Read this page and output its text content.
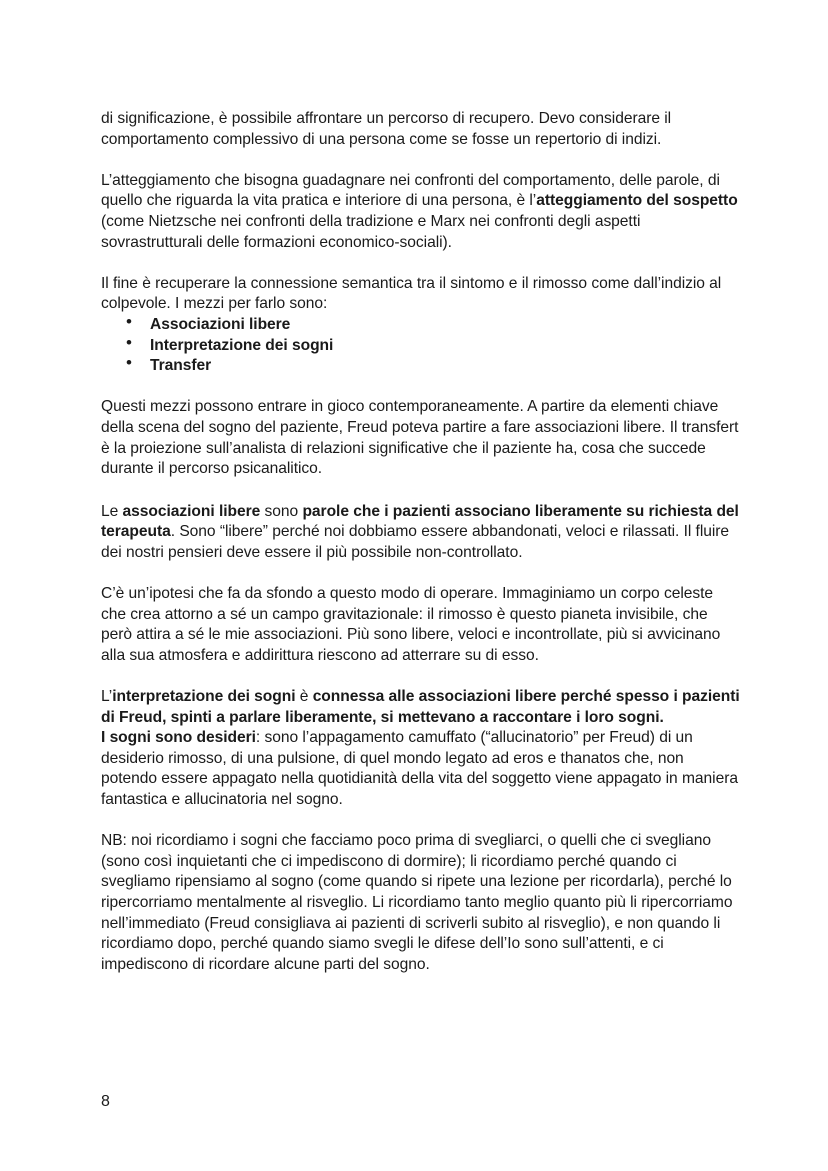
di significazione, è possibile affrontare un percorso di recupero. Devo considerare il comportamento complessivo di una persona come se fosse un repertorio di indizi.

L’atteggiamento che bisogna guadagnare nei confronti del comportamento, delle parole, di quello che riguarda la vita pratica e interiore di una persona, è l’atteggiamento del sospetto (come Nietzsche nei confronti della tradizione e Marx nei confronti degli aspetti sovrastrutturali delle formazioni economico-sociali).

Il fine è recuperare la connessione semantica tra il sintomo e il rimosso come dall’indizio al colpevole. I mezzi per farlo sono:

• Associazioni libere
• Interpretazione dei sogni
• Transfer

Questi mezzi possono entrare in gioco contemporaneamente. A partire da elementi chiave della scena del sogno del paziente, Freud poteva partire a fare associazioni libere. Il transfert è la proiezione sull’analista di relazioni significative che il paziente ha, cosa che succede durante il percorso psicanalitico.

Le associazioni libere sono parole che i pazienti associano liberamente su richiesta del terapeuta. Sono “libere” perché noi dobbiamo essere abbandonati, veloci e rilassati. Il fluire dei nostri pensieri deve essere il più possibile non-controllato.

C’è un’ipotesi che fa da sfondo a questo modo di operare. Immaginiamo un corpo celeste che crea attorno a sé un campo gravitazionale: il rimosso è questo pianeta invisibile, che però attira a sé le mie associazioni. Più sono libere, veloci e incontrollate, più si avvicinano alla sua atmosfera e addirittura riescono ad atterrare su di esso.

L’interpretazione dei sogni è connessa alle associazioni libere perché spesso i pazienti di Freud, spinti a parlare liberamente, si mettevano a raccontare i loro sogni.

I sogni sono desideri: sono l’appagamento camuffato (“allucinatorio” per Freud) di un desiderio rimosso, di una pulsione, di quel mondo legato ad eros e thanatos che, non potendo essere appagato nella quotidianità della vita del soggetto viene appagato in maniera fantastica e allucinatoria nel sogno.

NB: noi ricordiamo i sogni che facciamo poco prima di svegliarci, o quelli che ci svegliano (sono così inquietanti che ci impediscono di dormire); li ricordiamo perché quando ci svegliamo ripensiamo al sogno (come quando si ripete una lezione per ricordarla), perché lo ripercorriamo mentalmente al risveglio. Li ricordiamo tanto meglio quanto più li ripercorriamo nell’immediato (Freud consigliava ai pazienti di scriverli subito al risveglio), e non quando li ricordiamo dopo, perché quando siamo svegli le difese dell’Io sono sull’attenti, e ci impediscono di ricordare alcune parti del sogno.

8
